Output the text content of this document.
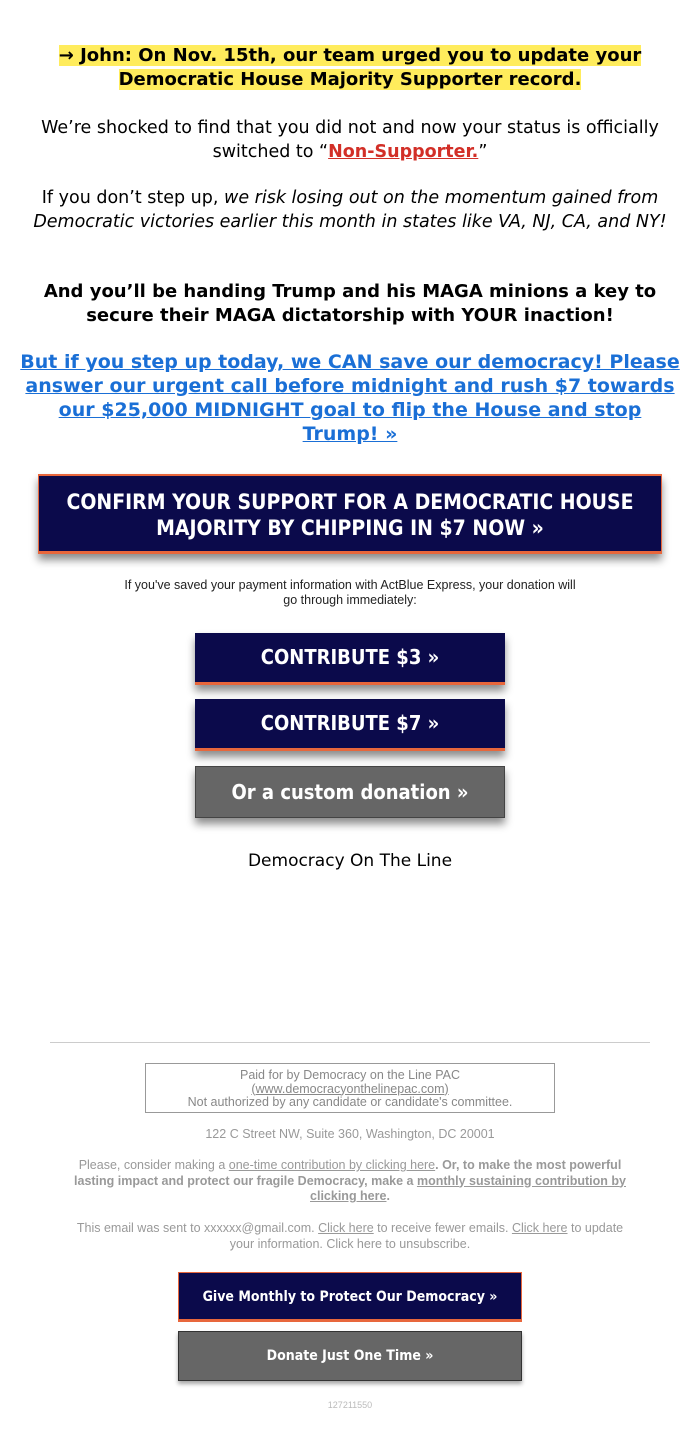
→ John: On Nov. 15th, our team urged you to update your Democratic House Majority Supporter record.

We’re shocked to find that you did not and now your status is officially switched to “Non-Supporter.”

If you don’t step up, we risk losing out on the momentum gained from Democratic victories earlier this month in states like VA, NJ, CA, and NY!

And you’ll be handing Trump and his MAGA minions a key to secure their MAGA dictatorship with YOUR inaction!

But if you step up today, we CAN save our democracy! Please answer our urgent call before midnight and rush $7 towards our $25,000 MIDNIGHT goal to flip the House and stop Trump! »
CONFIRM YOUR SUPPORT FOR A DEMOCRATIC HOUSE MAJORITY BY CHIPPING IN $7 NOW »

If you've saved your payment information with ActBlue Express, your donation will go through immediately:

CONTRIBUTE $3 »
CONTRIBUTE $7 »
Or a custom donation »

Democracy On The Line

Paid for by Democracy on the Line PAC
(www.democracyonthelinepac.com)
Not authorized by any candidate or candidate's committee.

122 C Street NW, Suite 360, Washington, DC 20001

Please, consider making a one-time contribution by clicking here. Or, to make the most powerful lasting impact and protect our fragile Democracy, make a monthly sustaining contribution by clicking here.

This email was sent to xxxxxx@gmail.com. Click here to receive fewer emails. Click here to update your information. Click here to unsubscribe.

Give Monthly to Protect Our Democracy »
Donate Just One Time »

127211550
